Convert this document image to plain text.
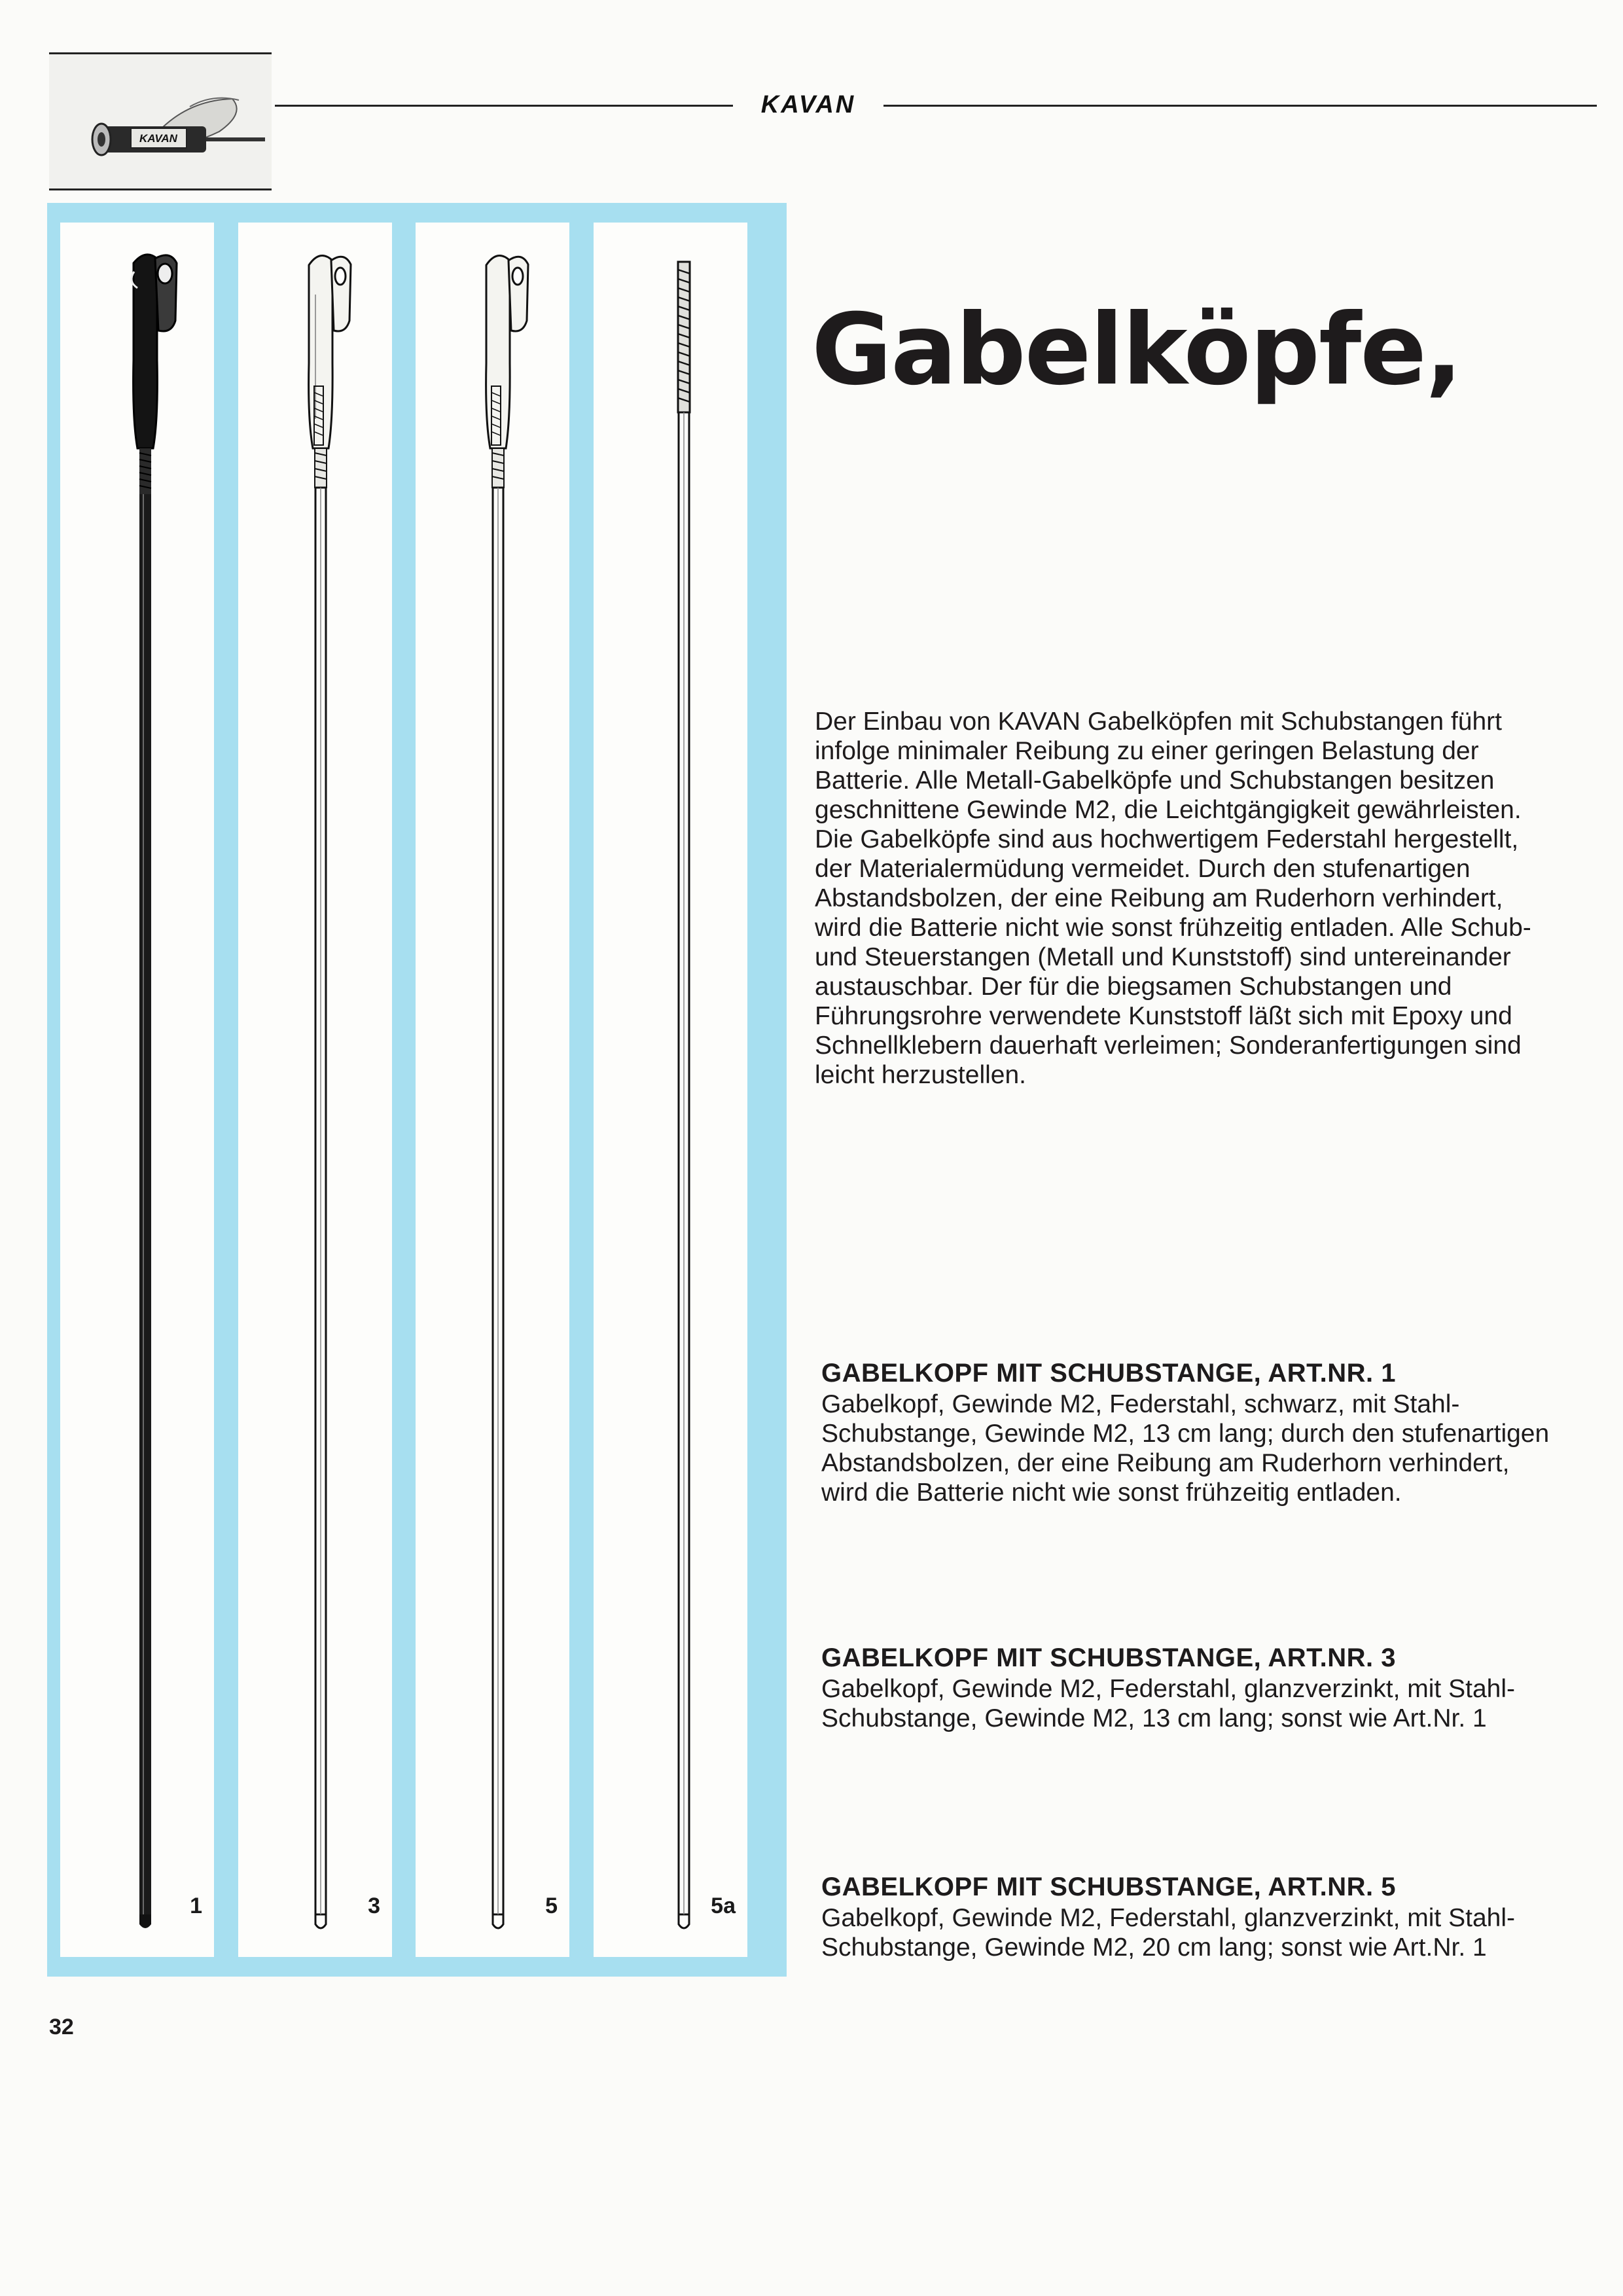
KAVAN
KAVAN
1	3	5	5a
Gabelköpfe,

Der Einbau von KAVAN Gabelköpfen mit Schubstangen führt infolge minimaler Reibung zu einer geringen Belastung der Batterie. Alle Metall-Gabelköpfe und Schubstangen besitzen geschnittene Gewinde M2, die Leichtgängigkeit gewährleisten. Die Gabelköpfe sind aus hochwertigem Federstahl hergestellt, der Materialermüdung vermeidet. Durch den stufenartigen Abstandsbolzen, der eine Reibung am Ruderhorn verhindert, wird die Batterie nicht wie sonst frühzeitig entladen. Alle Schub- und Steuerstangen (Metall und Kunststoff) sind untereinander austauschbar. Der für die biegsamen Schubstangen und Führungsrohre verwendete Kunststoff läßt sich mit Epoxy und Schnellklebern dauerhaft verleimen; Sonderanfertigungen sind leicht herzustellen.

GABELKOPF MIT SCHUBSTANGE, ART.NR. 1

Gabelkopf, Gewinde M2, Federstahl, schwarz, mit Stahl-Schubstange, Gewinde M2, 13 cm lang; durch den stufenartigen Abstandsbolzen, der eine Reibung am Ruderhorn verhindert, wird die Batterie nicht wie sonst frühzeitig entladen.

GABELKOPF MIT SCHUBSTANGE, ART.NR. 3

Gabelkopf, Gewinde M2, Federstahl, glanzverzinkt, mit Stahl-Schubstange, Gewinde M2, 13 cm lang; sonst wie Art.Nr. 1

GABELKOPF MIT SCHUBSTANGE, ART.NR. 5

Gabelkopf, Gewinde M2, Federstahl, glanzverzinkt, mit Stahl-Schubstange, Gewinde M2, 20 cm lang; sonst wie Art.Nr. 1

32
